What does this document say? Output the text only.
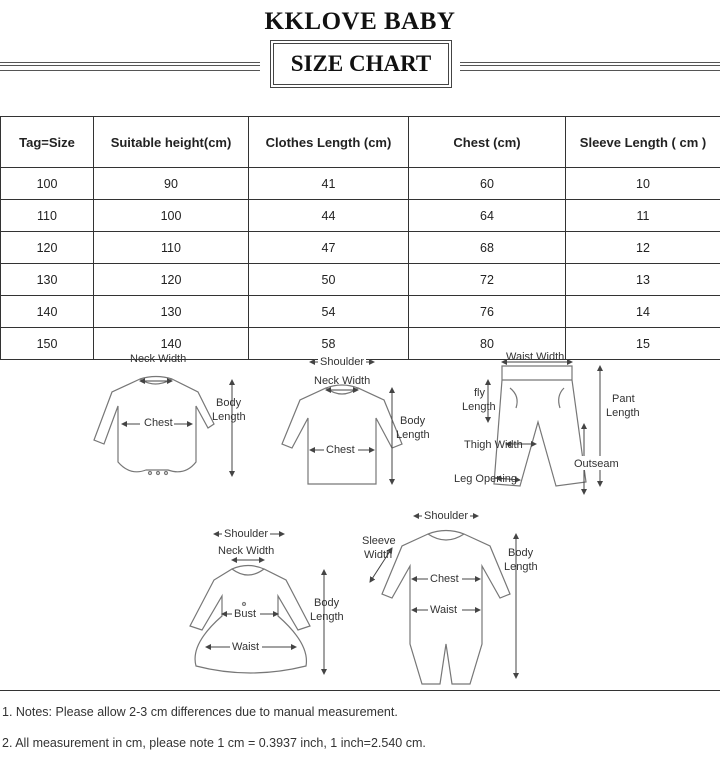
KKLOVE BABY
SIZE CHART
Tag=Size	Suitable height(cm)	Clothes Length (cm)	Chest (cm)	Sleeve Length ( cm )
100	90	41	60	10
110	100	44	64	11
120	110	47	68	12
130	120	50	72	13
140	130	54	76	14
150	140	58	80	15
Neck Width
Chest
Body
Length
Shoulder
Neck Width
Chest
Body
Length
Waist Width
fly
Length
Thigh Width
Leg Opening
Pant
Length
Outseam
Shoulder
Neck Width
Bust
Waist
Body
Length
Shoulder
Sleeve
Width
Chest
Waist
Body
Length
1. Notes: Please allow 2-3 cm differences due to manual measurement.
2. All measurement in cm, please note 1 cm = 0.3937 inch, 1 inch=2.540 cm.
